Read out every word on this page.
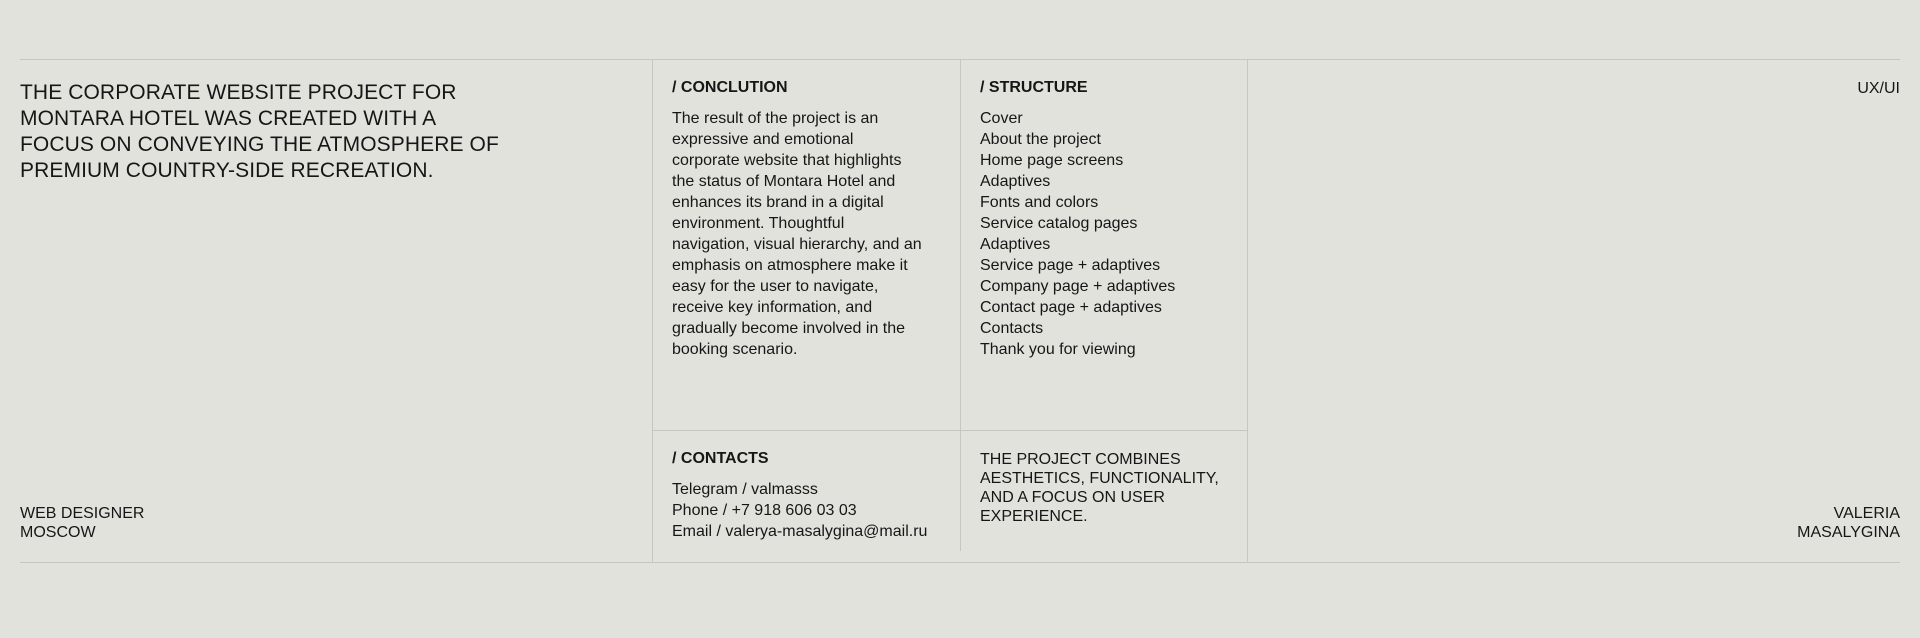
THE CORPORATE WEBSITE PROJECT FOR
MONTARA HOTEL WAS CREATED WITH A
FOCUS ON CONVEYING THE ATMOSPHERE OF
PREMIUM COUNTRY-SIDE RECREATION.
/ CONCLUTION
The result of the project is an
expressive and emotional
corporate website that highlights
the status of Montara Hotel and
enhances its brand in a digital
environment. Thoughtful
navigation, visual hierarchy, and an
emphasis on atmosphere make it
easy for the user to navigate,
receive key information, and
gradually become involved in the
booking scenario.
/ STRUCTURE
Cover
About the project
Home page screens
Adaptives
Fonts and colors
Service catalog pages
Adaptives
Service page + adaptives
Company page + adaptives
Contact page + adaptives
Contacts
Thank you for viewing
UX/UI
/ CONTACTS
Telegram / valmasss
Phone / +7 918 606 03 03
Email / valerya-masalygina@mail.ru
THE PROJECT COMBINES
AESTHETICS, FUNCTIONALITY,
AND A FOCUS ON USER
EXPERIENCE.
WEB DESIGNER
MOSCOW
VALERIA
MASALYGINA
